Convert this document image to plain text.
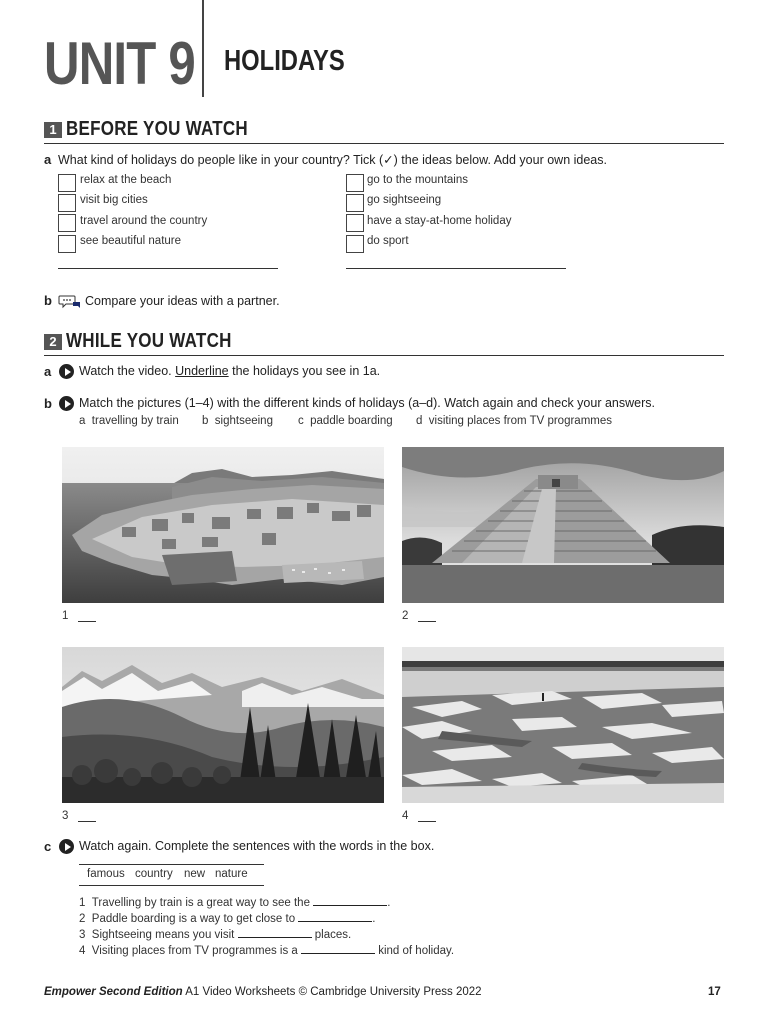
UNIT 9 HOLIDAYS
1 BEFORE YOU WATCH
a What kind of holidays do people like in your country? Tick (✓) the ideas below. Add your own ideas.
relax at the beach
visit big cities
travel around the country
see beautiful nature
go to the mountains
go sightseeing
have a stay-at-home holiday
do sport
b	Compare your ideas with a partner.
2 WHILE YOU WATCH
a Watch the video. Underline the holidays you see in 1a.
b Match the pictures (1–4) with the different kinds of holidays (a–d). Watch again and check your answers.
a travelling by train b sightseeing c paddle boarding d visiting places from TV programmes
1	2
3	4
c Watch again. Complete the sentences with the words in the box.
famous country new nature
1 Travelling by train is a great way to see the	.
2 Paddle boarding is a way to get close to	.
3 Sightseeing means you visit	places.
4 Visiting places from TV programmes is a	kind of holiday.
Empower Second Edition A1 Video Worksheets © Cambridge University Press 2022	17
